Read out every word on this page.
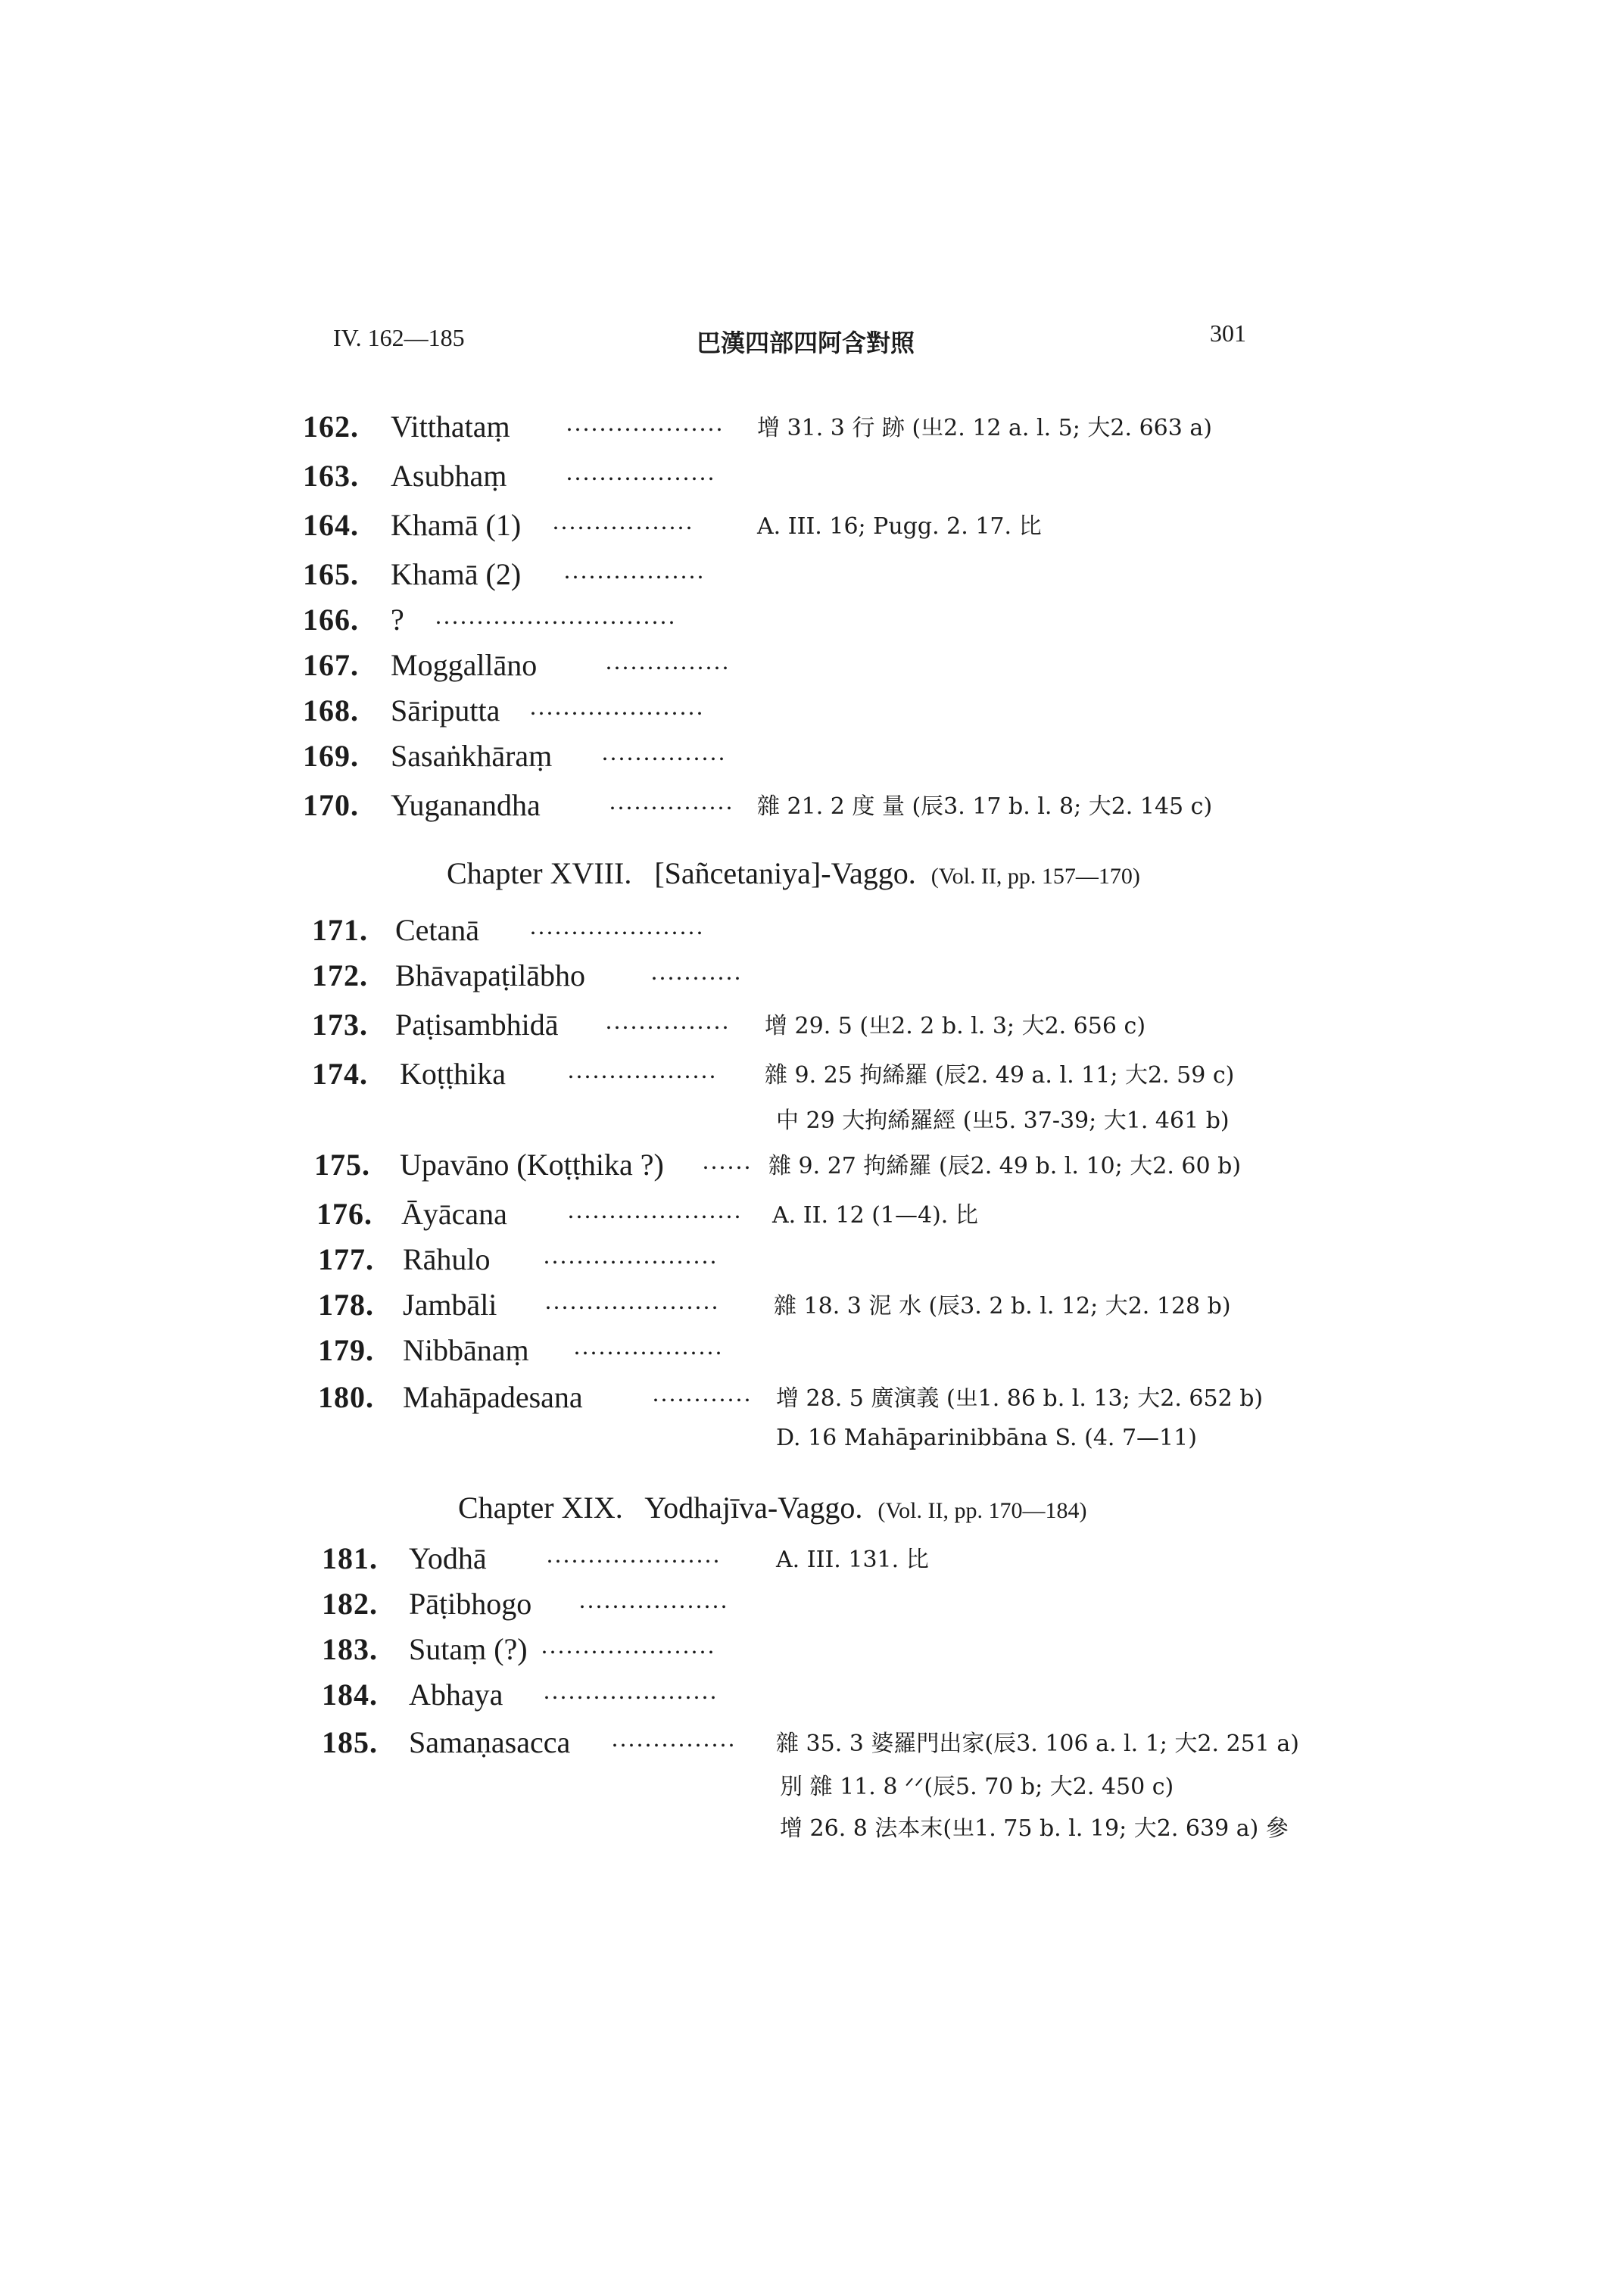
IV. 162—185	巴漢四部四阿含對照	301
162. Vitthataṃ ................... 增 31. 3 行 跡 (㞢2. 12 a. l. 5; 大2. 663 a)
163. Asubhaṃ ..................
164. Khamā (1) .................	A. III. 16; Pugg. 2. 17. 比
165. Khamā (2) .................
166. ? .............................
167. Moggallāno	...............
168. Sāriputta .....................
169. Sasaṅkhāraṃ ...............
170. Yuganandha	............... 雜 21. 2 度 量 (辰3. 17 b. l. 8; 大2. 145 c)
Chapter XVIII. [Sañcetaniya]-Vaggo. (Vol. II, pp. 157—170)
171. Cetanā .....................
172. Bhāvapaṭilābho	...........
173. Paṭisambhidā ............... 增 29. 5 (㞢2. 2 b. l. 3; 大2. 656 c)
174. Koṭṭhika	.................. 雜 9. 25 拘絺羅 (辰2. 49 a. l. 11; 大2. 59 c)
中 29 大拘絺羅經 (㞢5. 37-39; 大1. 461 b)
175. Upavāno (Koṭṭhika ?) ...... 雜 9. 27 拘絺羅 (辰2. 49 b. l. 10; 大2. 60 b)
176. Āyācana	..................... A. II. 12 (1—4). 比
177. Rāhulo .....................
178. Jambāli ..................... 雜 18. 3 泥 水 (辰3. 2 b. l. 12; 大2. 128 b)
179. Nibbānaṃ ..................
180. Mahāpadesana	............ 增 28. 5 廣演義 (㞢1. 86 b. l. 13; 大2. 652 b)
D. 16 Mahāparinibbāna S. (4. 7—11)
Chapter XIX. Yodhajīva-Vaggo. (Vol. II, pp. 170—184)
181. Yodhā ..................... A. III. 131. 比
182. Pāṭibhogo ..................
183. Sutaṃ (?) .....................
184. Abhaya .....................
185. Samaṇasacca ............... 雜 35. 3 婆羅門出家(辰3. 106 a. l. 1; 大2. 251 a)
別 雜 11. 8 ᐟᐟ(辰5. 70 b; 大2. 450 c)
增 26. 8 法本末(㞢1. 75 b. l. 19; 大2. 639 a) 參
